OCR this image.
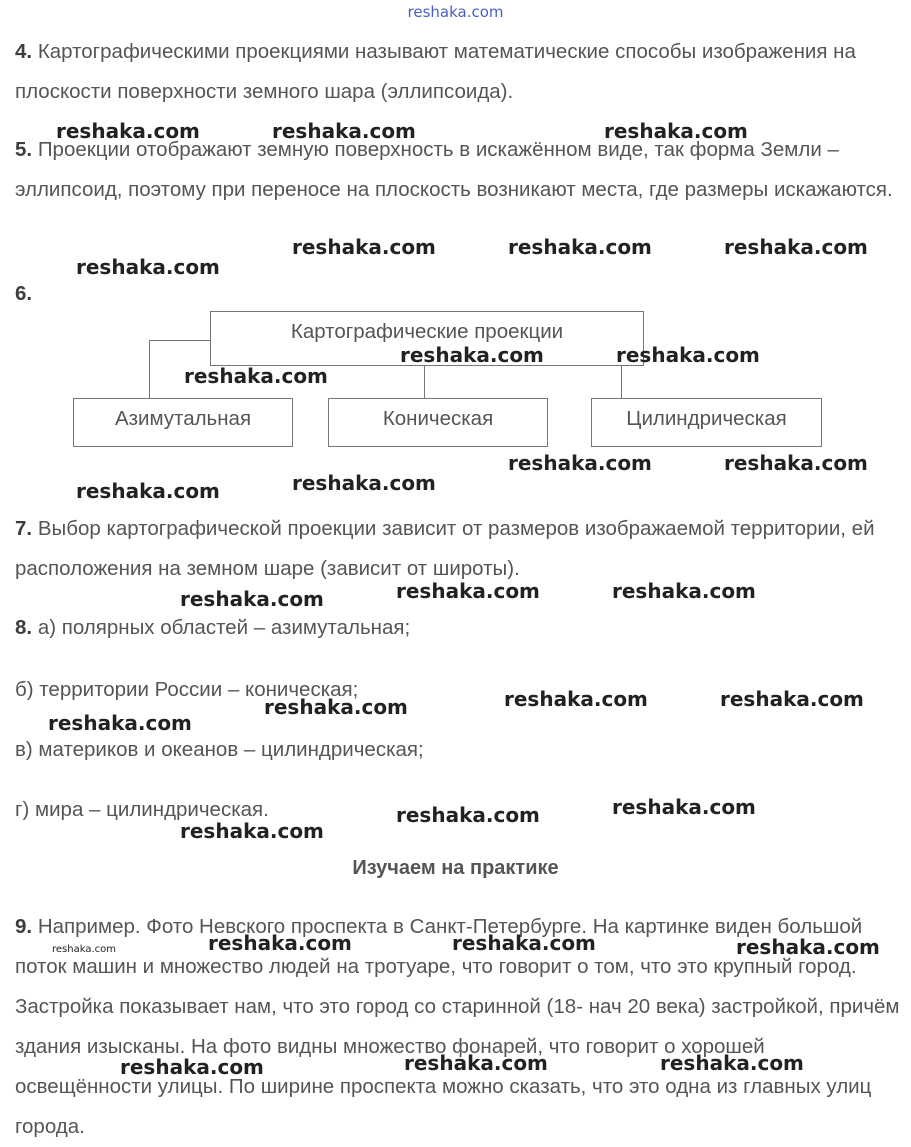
reshaka.com

4. Картографическими проекциями называют математические способы изображения на плоскости поверхности земного шара (эллипсоида).

5. Проекции отображают земную поверхность в искажённом виде, так форма Земли – эллипсоид, поэтому при переносе на плоскость возникают места, где размеры искажаются.

6.

Картографические проекции
Азимутальная	Коническая	Цилиндрическая

7. Выбор картографической проекции зависит от размеров изображаемой территории, ей расположения на земном шаре (зависит от широты).

8. а) полярных областей – азимутальная;

б) территории России – коническая;

в) материков и океанов – цилиндрическая;

г) мира – цилиндрическая.

Изучаем на практике

9. Например. Фото Невского проспекта в Санкт-Петербурге. На картинке виден большой поток машин и множество людей на тротуаре, что говорит о том, что это крупный город. Застройка показывает нам, что это город со старинной (18- нач 20 века) застройкой, причём здания изысканы. На фото видны множество фонарей, что говорит о хорошей освещённости улицы. По ширине проспекта можно сказать, что это одна из главных улиц города.

reshaka.com	reshaka.com	reshaka.com
reshaka.com	reshaka.com	reshaka.com
reshaka.com
reshaka.com	reshaka.com
reshaka.com
reshaka.com	reshaka.com
reshaka.com
reshaka.com
reshaka.com	reshaka.com
reshaka.com
reshaka.com	reshaka.com
reshaka.com
reshaka.com
reshaka.com
reshaka.com
reshaka.com
reshaka.com	reshaka.com	reshaka.com
reshaka.com
reshaka.com	reshaka.com
reshaka.com
